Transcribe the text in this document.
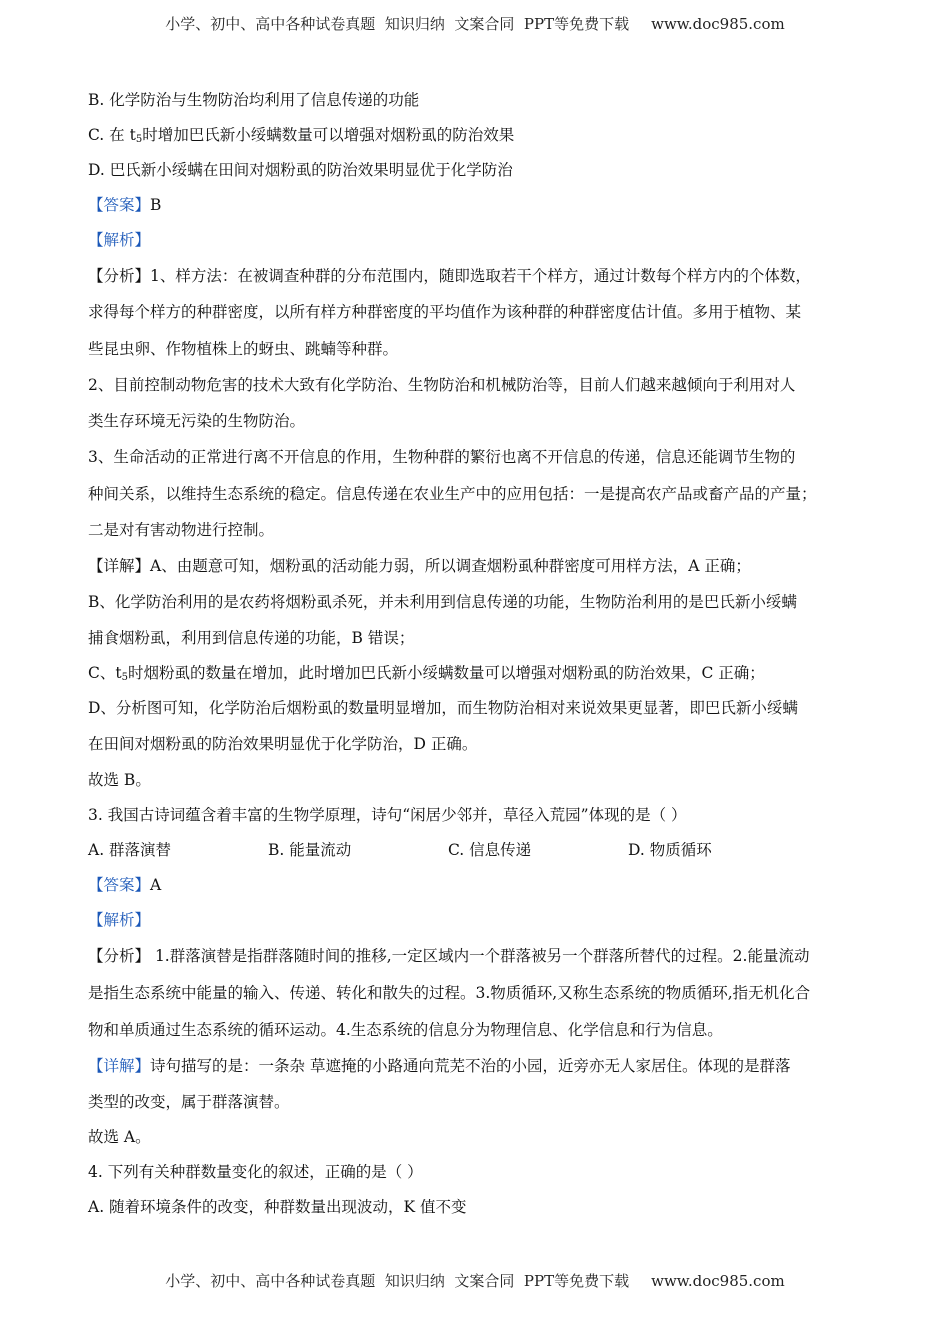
小学、初中、高中各种试卷真题  知识归纳  文案合同  PPT等免费下载 www.doc985.com
B. 化学防治与生物防治均利用了信息传递的功能
C. 在 $t_5$时增加巴氏新小绥螨数量可以增强对烟粉虱的防治效果
D. 巴氏新小绥螨在田间对烟粉虱的防治效果明显优于化学防治
【答案】B
【解析】
【分析】1、样方法：在被调查种群的分布范围内，随即选取若干个样方，通过计数每个样方内的个体数，
求得每个样方的种群密度，以所有样方种群密度的平均值作为该种群的种群密度估计值。多用于植物、某
些昆虫卵、作物植株上的蚜虫、跳蝻等种群。
2、目前控制动物危害的技术大致有化学防治、生物防治和机械防治等，目前人们越来越倾向于利用对人
类生存环境无污染的生物防治。
3、生命活动的正常进行离不开信息的作用，生物种群的繁衍也离不开信息的传递，信息还能调节生物的
种间关系，以维持生态系统的稳定。信息传递在农业生产中的应用包括：一是提高农产品或畜产品的产量；
二是对有害动物进行控制。
【详解】A、由题意可知，烟粉虱的活动能力弱，所以调查烟粉虱种群密度可用样方法，A 正确；
B、化学防治利用的是农药将烟粉虱杀死，并未利用到信息传递的功能，生物防治利用的是巴氏新小绥螨
捕食烟粉虱，利用到信息传递的功能，B 错误；
C、$t_5$时烟粉虱的数量在增加，此时增加巴氏新小绥螨数量可以增强对烟粉虱的防治效果，C 正确；
D、分析图可知，化学防治后烟粉虱的数量明显增加，而生物防治相对来说效果更显著，即巴氏新小绥螨
在田间对烟粉虱的防治效果明显优于化学防治，D 正确。
故选 B。
3. 我国古诗词蕴含着丰富的生物学原理，诗句“闲居少邻并，草径入荒园”体现的是（ ）
A. 群落演替	B. 能量流动	C. 信息传递	D. 物质循环
【答案】A
【解析】
【分析】 1.群落演替是指群落随时间的推移,一定区域内一个群落被另一个群落所替代的过程。2.能量流动
是指生态系统中能量的输入、传递、转化和散失的过程。3.物质循环,又称生态系统的物质循环,指无机化合
物和单质通过生态系统的循环运动。4.生态系统的信息分为物理信息、化学信息和行为信息。
【详解】诗句描写的是：一条杂 草遮掩的小路通向荒芜不治的小园，近旁亦无人家居住。体现的是群落
类型的改变，属于群落演替。
故选 A。
4. 下列有关种群数量变化的叙述，正确的是（ ）
A. 随着环境条件的改变，种群数量出现波动，K 值不变
小学、初中、高中各种试卷真题  知识归纳  文案合同  PPT等免费下载 www.doc985.com
